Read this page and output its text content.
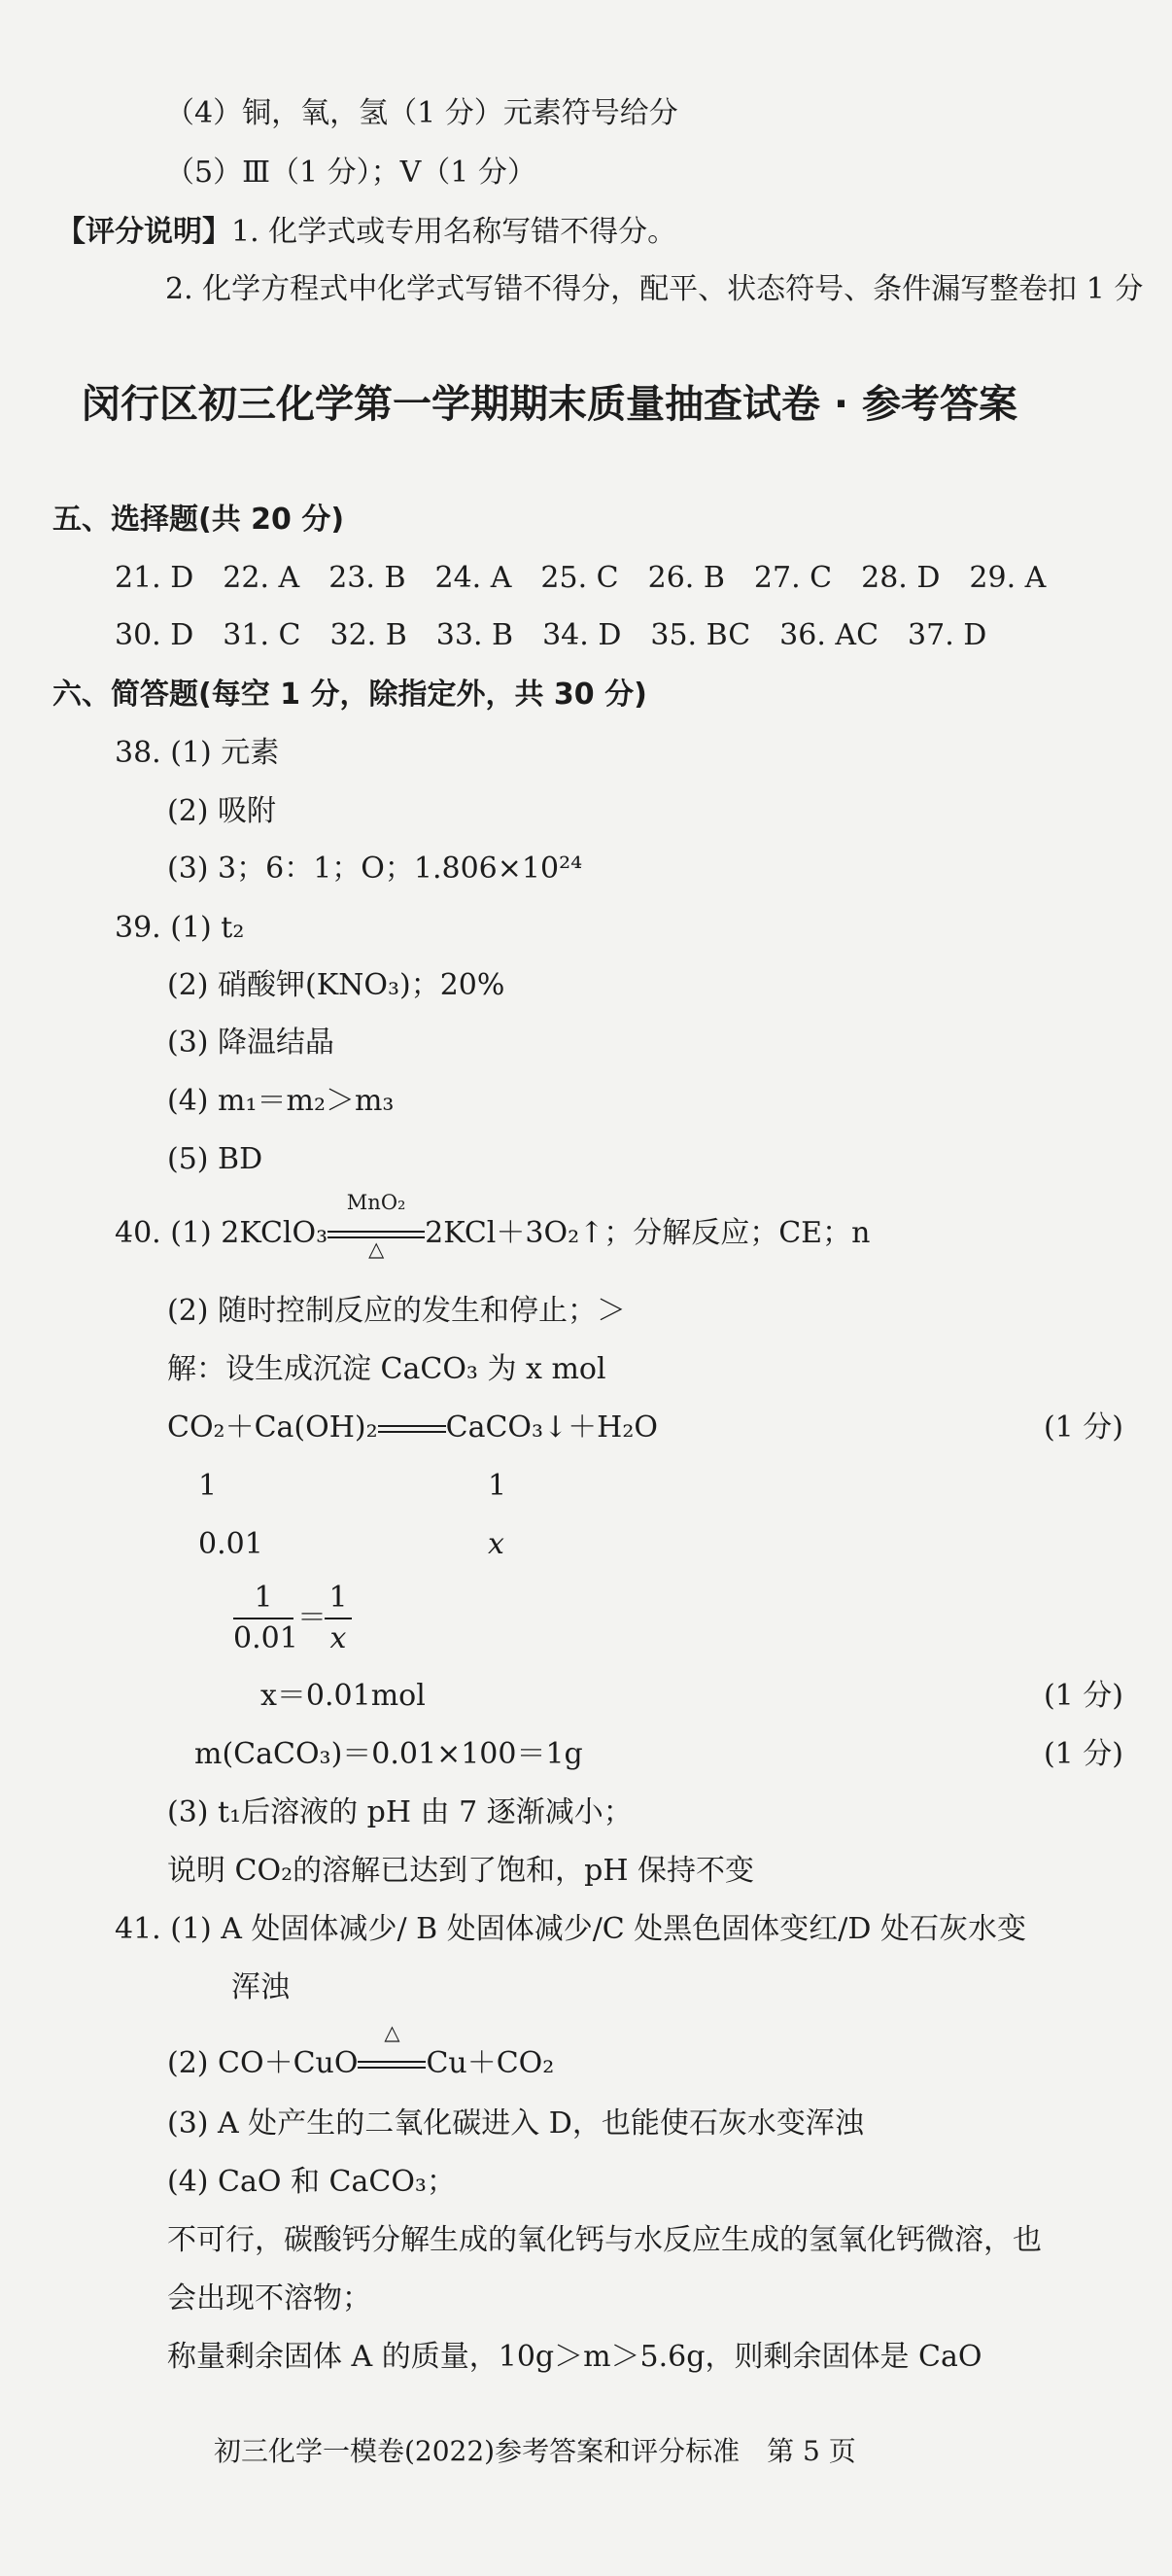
（4）铜，氧，氢（1 分）元素符号给分
（5）Ⅲ（1 分）；Ⅴ（1 分）
【评分说明】1. 化学式或专用名称写错不得分。
2. 化学方程式中化学式写错不得分，配平、状态符号、条件漏写整卷扣 1 分
闵行区初三化学第一学期期末质量抽查试卷 · 参考答案
五、选择题(共 20 分)
21. D　22. A　23. B　24. A　25. C　26. B　27. C　28. D　29. A
30. D　31. C　32. B　33. B　34. D　35. BC　36. AC　37. D
六、简答题(每空 1 分，除指定外，共 30 分)
38. (1) 元素
(2) 吸附
(3) 3；6：1；O；1.806×10²⁴
39. (1) t₂
(2) 硝酸钾(KNO₃)；20%
(3) 降温结晶
(4) m₁＝m₂＞m₃
(5) BD
40. (1) 2KClO₃
MnO₂
△	2KCl＋3O₂↑；分解反应；CE；n
(2) 随时控制反应的发生和停止；＞
解：设生成沉淀 CaCO₃ 为 x mol
CO₂＋Ca(OH)₂ CaCO₃↓＋H₂O	(1 分)
1	1
0.01	x
1
0.01
＝
1
x
x＝0.01mol	(1 分)
m(CaCO₃)＝0.01×100＝1g	(1 分)
(3) t₁后溶液的 pH 由 7 逐渐减小；
说明 CO₂的溶解已达到了饱和，pH 保持不变
41. (1) A 处固体减少/ B 处固体减少/C 处黑色固体变红/D 处石灰水变
浑浊
(2) CO＋CuO
△
Cu＋CO₂
(3) A 处产生的二氧化碳进入 D，也能使石灰水变浑浊
(4) CaO 和 CaCO₃；
不可行，碳酸钙分解生成的氧化钙与水反应生成的氢氧化钙微溶，也
会出现不溶物；
称量剩余固体 A 的质量，10g＞m＞5.6g，则剩余固体是 CaO
初三化学一模卷(2022)参考答案和评分标准　第 5 页
